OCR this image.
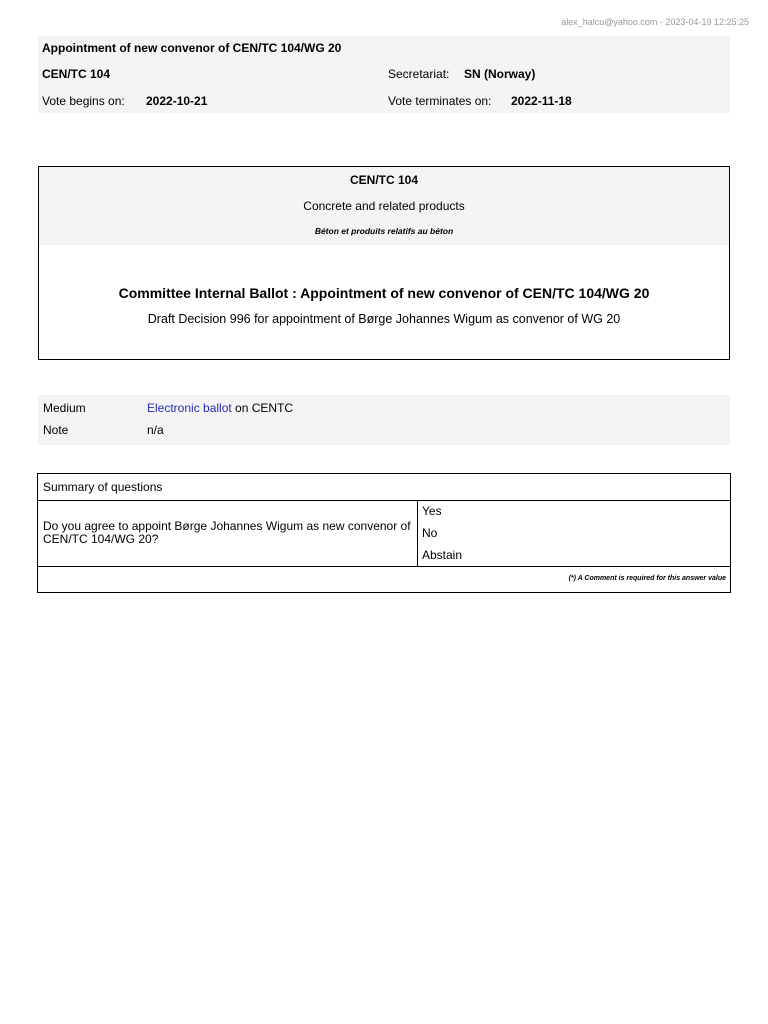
alex_halcu@yahoo.com - 2023-04-19 12:25:25
Appointment of new convenor of CEN/TC 104/WG 20
CEN/TC 104	Secretariat: SN (Norway)
Vote begins on: 2022-10-21	Vote terminates on: 2022-11-18
CEN/TC 104
Concrete and related products
Béton et produits relatifs au béton
Committee Internal Ballot : Appointment of new convenor of CEN/TC 104/WG 20
Draft Decision 996 for appointment of Børge Johannes Wigum as convenor of WG 20
Medium	Electronic ballot on CENTC
Note	n/a
Summary of questions
Do you agree to appoint Børge Johannes Wigum as new convenor of CEN/TC 104/WG 20?
Yes
No
Abstain
(*) A Comment is required for this answer value
